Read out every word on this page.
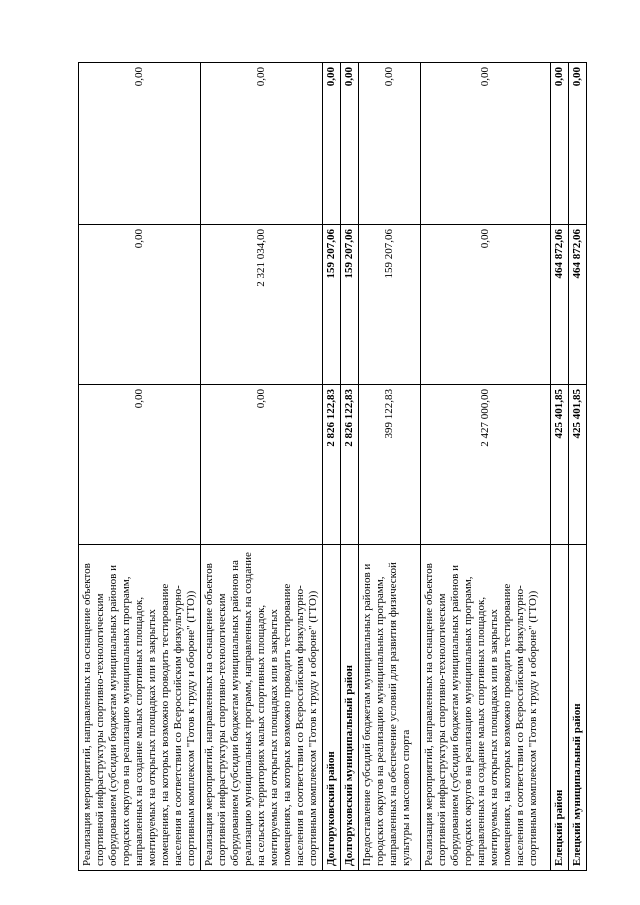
Реализация мероприятий, направленных на оснащение объектов спортивной инфраструктуры спортивно-технологическим оборудованием (субсидии бюджетам муниципальных районов и городских округов на реализацию муниципальных программ, направленных на создание малых спортивных площадок, монтируемых на открытых площадках или в закрытых помещениях, на которых возможно проводить тестирование населения в соответствии со Всероссийским физкультурно-спортивным комплексом "Готов к труду и обороне" (ГТО))	0,00	0,00	0,00
Реализация мероприятий, направленных на оснащение объектов спортивной инфраструктуры спортивно-технологическим оборудованием (субсидии бюджетам муниципальных районов на реализацию муниципальных программ, направленных на создание на сельских территориях малых спортивных площадок, монтируемых на открытых площадках или в закрытых помещениях, на которых возможно проводить тестирование населения в соответствии со Всероссийским физкультурно-спортивным комплексом "Готов к труду и обороне" (ГТО))	0,00	2 321 034,00	0,00
Долгоруковский район	2 826 122,83	159 207,06	0,00
Долгоруковский муниципальный район	2 826 122,83	159 207,06	0,00
Предоставление субсидий бюджетам муниципальных районов и городских округов на реализацию муниципальных программ, направленных на обеспечение условий для развития физической культуры и массового спорта	399 122,83	159 207,06	0,00
Реализация мероприятий, направленных на оснащение объектов спортивной инфраструктуры спортивно-технологическим оборудованием (субсидии бюджетам муниципальных районов и городских округов на реализацию муниципальных программ, направленных на создание малых спортивных площадок, монтируемых на открытых площадках или в закрытых помещениях, на которых возможно проводить тестирование населения в соответствии со Всероссийским физкультурно-спортивным комплексом "Готов к труду и обороне" (ГТО))	2 427 000,00	0,00	0,00
Елецкий район	425 401,85	464 872,06	0,00
Елецкий муниципальный район	425 401,85	464 872,06	0,00
